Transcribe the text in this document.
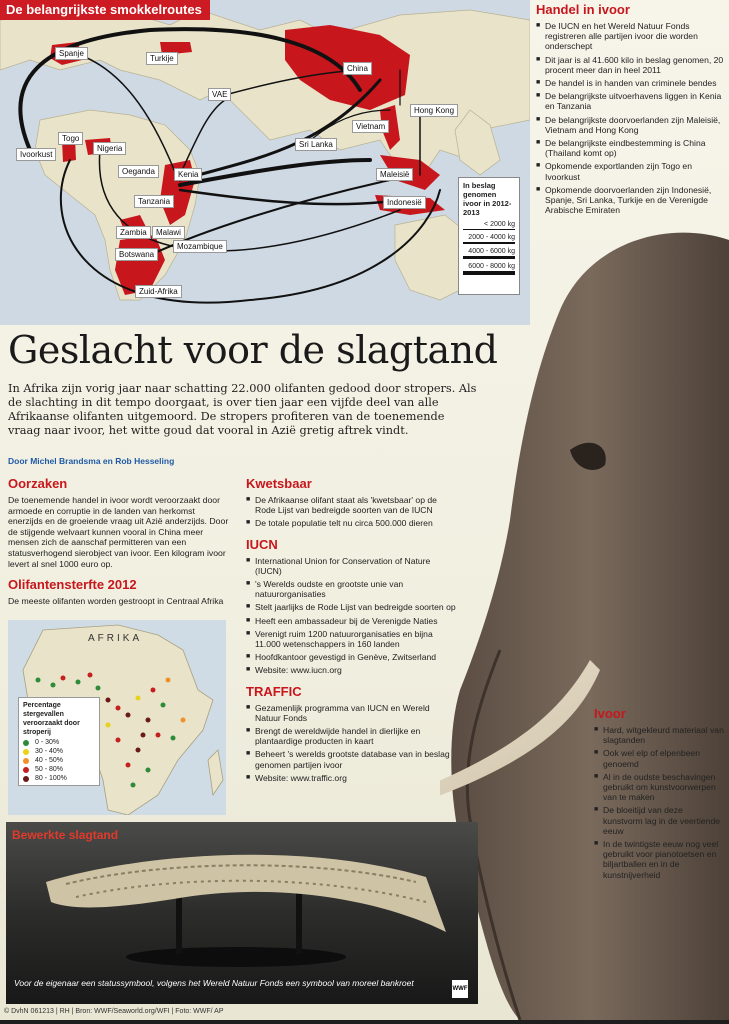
De belangrijkste smokkelroutes
Spanje
Turkije
China
VAE
Hong Kong
Vietnam
Sri Lanka
Togo
Nigeria
Ivoorkust
Oeganda	Kenia	Maleisië
Tanzania	Indonesië
Zambia	Malawi
Mozambique
Botswana
Zuid-Afrika
In beslag genomen ivoor in 2012-2013
< 2000 kg
2000 - 4000 kg
4000 - 6000 kg
6000 - 8000 kg
Handel in ivoor
■ De IUCN en het Wereld Natuur Fonds registreren alle partijen ivoor die worden onderschept
■ Dit jaar is al 41.600 kilo in beslag genomen, 20 procent meer dan in heel 2011
■ De handel is in handen van criminele bendes
■ De belangrijkste uitvoerhavens liggen in Kenia en Tanzania
■ De belangrijkste doorvoerlanden zijn Maleisië, Vietnam and Hong Kong
■ De belangrijkste eindbestemming is China (Thailand komt op)
■ Opkomende exportlanden zijn Togo en Ivoorkust
■ Opkomende doorvoerlanden zijn Indonesië, Spanje, Sri Lanka, Turkije en de Verenigde Arabische Emiraten
Geslacht voor de slagtand
In Afrika zijn vorig jaar naar schatting 22.000 olifanten gedood door stropers. Als de slachting in dit tempo doorgaat, is over tien jaar een vijfde deel van alle Afrikaanse olifanten uitgemoord. De stropers profiteren van de toenemende vraag naar ivoor, het witte goud dat vooral in Azië gretig aftrek vindt.
Door Michel Brandsma en Rob Hesseling
Oorzaken

De toenemende handel in ivoor wordt veroorzaakt door armoede en corruptie in de landen van herkomst enerzijds en de groeiende vraag uit Azië anderzijds. Door de stijgende welvaart kunnen vooral in China meer mensen zich de aanschaf permitteren van een statusverhogend sierobject van ivoor. Een kilogram ivoor levert al snel 1000 euro op.

Olifantensterfte 2012

De meeste olifanten worden gestroopt in Centraal Afrika

AFRIKA
Percentage stergevallen veroorzaakt door stroperij
0 - 30%
30 - 40%
40 - 50%
50 - 80%
80 - 100%
Kwetsbaar
■ De Afrikaanse olifant staat als 'kwetsbaar' op de Rode Lijst van bedreigde soorten van de IUCN
■ De totale populatie telt nu circa 500.000 dieren
IUCN
■ International Union for Conservation of Nature (IUCN)
■ 's Werelds oudste en grootste unie van natuurorganisaties
■ Stelt jaarlijks de Rode Lijst van bedreigde soorten op
■ Heeft een ambassadeur bij de Verenigde Naties
■ Verenigt ruim 1200 natuurorganisaties en bijna 11.000 wetenschappers in 160 landen
■ Hoofdkantoor gevestigd in Genève, Zwitserland
■ Website: www.iucn.org
TRAFFIC
■ Gezamenlijk programma van IUCN en Wereld Natuur Fonds
■ Brengt de wereldwijde handel in dierlijke en plantaardige producten in kaart
■ Beheert 's werelds grootste database van in beslag genomen partijen ivoor
■ Website: www.traffic.org
Ivoor
■ Hard, witgekleurd materiaal van slagtanden
■ Ook wel elp of elpenbeen genoemd
■ Al in de oudste beschavingen gebruikt om kunstvoorwerpen van te maken
■ De bloeitijd van deze kunstvorm lag in de veertiende eeuw
■ In de twintigste eeuw nog veel gebruikt voor pianotoetsen en biljartballen en in de kunstnijverheid
Bewerkte slagtand
Voor de eigenaar een statussymbool, volgens het Wereld Natuur Fonds een symbool van moreel bankroet
WWF
© DvhN 061213 | RH | Bron: WWF/Seaworld.org/WFI | Foto: WWF/ AP
